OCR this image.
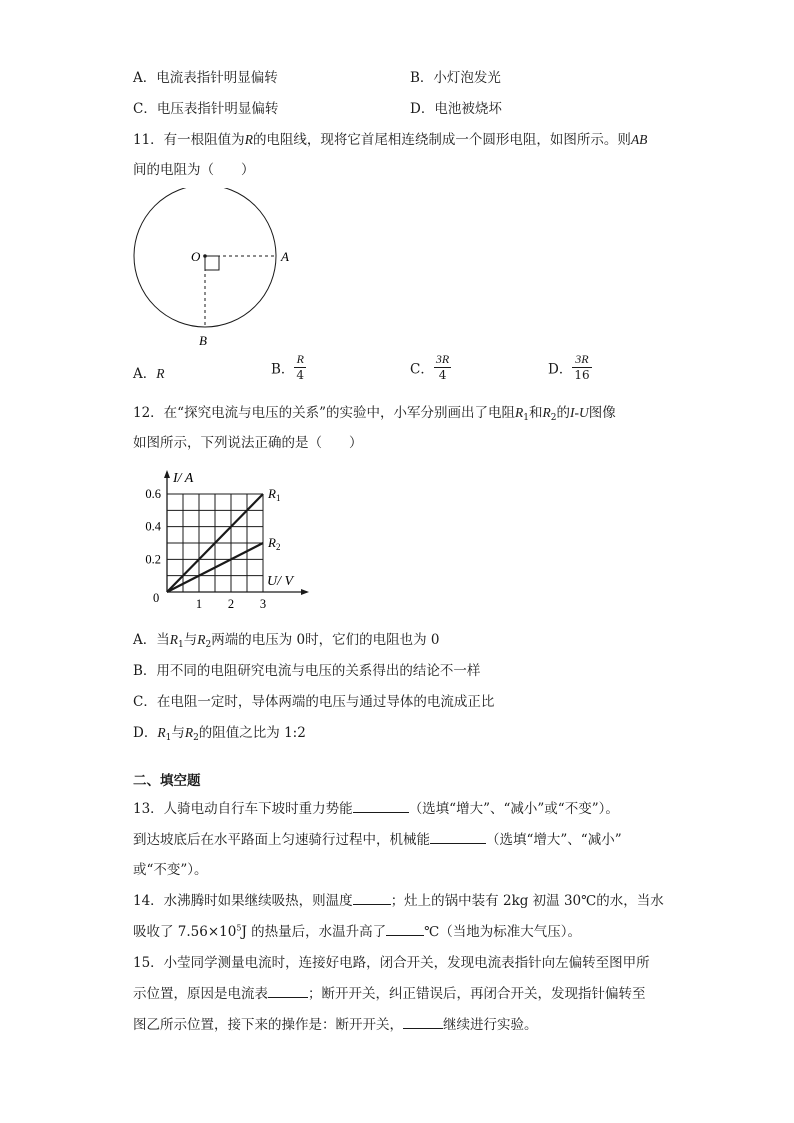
A．电流表指针明显偏转	B．小灯泡发光
C．电压表指针明显偏转	D．电池被烧坏
11．有一根阻值为R的电阻线，现将它首尾相连绕制成一个圆形电阻，如图所示。则AB
间的电阻为（　　）
O	A
B
A．R	B． $\frac{R}{4}$	C． $\frac{3R}{4}$	D． $\frac{3R}{16}$
12．在“探究电流与电压的关系”的实验中，小军分别画出了电阻$R_1$和$R_2$的I-U图像
如图所示，下列说法正确的是（　　）
$R_1$
$R_2$
0.2
0.4
0.6
1 2 3
0
I/ A
U/ V
A．当$R_1$与$R_2$两端的电压为 0时，它们的电阻也为 0
B．用不同的电阻研究电流与电压的关系得出的结论不一样
C．在电阻一定时，导体两端的电压与通过导体的电流成正比
D．$R_1$与$R_2$的阻值之比为 1:2
二、填空题
13．人骑电动自行车下坡时重力势能	（选填“增大”、“减小”或“不变”）。
到达坡底后在水平路面上匀速骑行过程中，机械能	（选填“增大”、“减小”
或“不变”）。
14．水沸腾时如果继续吸热，则温度	；灶上的锅中装有 2kg 初温 30℃的水，当水
吸收了 $7.56\times 10^5J$ 的热量后，水温升高了	℃（当地为标准大气压）。
15．小莹同学测量电流时，连接好电路，闭合开关，发现电流表指针向左偏转至图甲所
示位置，原因是电流表	；断开开关，纠正错误后，再闭合开关，发现指针偏转至
图乙所示位置，接下来的操作是：断开开关，	继续进行实验。
